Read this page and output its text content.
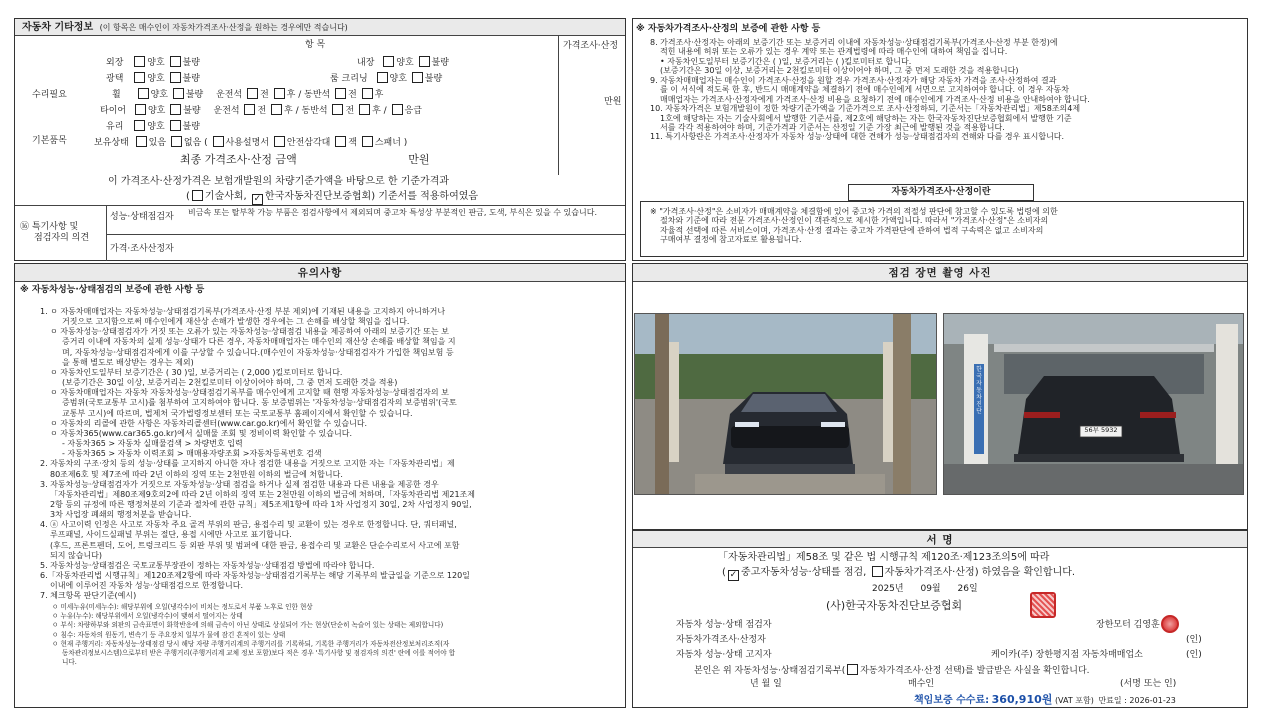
자동차 기타정보 (이 항목은 매수인이 자동차가격조사·산정을 원하는 경우에만 적습니다)
항 목	가격조사·산정
수리필요
만원
외장	양호 불량	내장 양호 불량
광택	양호 불량	룸 크리닝 양호 불량
휠	양호 불량 운전석 전 후 / 동반석 전 후
타이어 양호 불량 운전석 전 후 / 동반석 전 후 / 응급
유리	양호 불량
기본품목	보유상태 있음 없음 ( 사용설명서 안전삼각대 잭 스패너 )
최종 가격조사·산정 금액	만원
이 가격조사·산정가격은 보험개발원의 차량기준가액을 바탕으로 한 기준가격과
( 기술사회, ✓ 한국자동차진단보증협회) 기준서를 적용하여였음
⑯ 특기사항 및
점검자의 의견
성능·상태점검자 비금속 또는 탈부착 가능 부품은 점검사항에서 제외되며 중고차 특성상 부분적인 판금, 도색, 부식은 있을 수 있습니다.
가격·조사산정자
※ 자동차가격조사·산정의 보증에 관한 사항 등

8. 가격조사·산정자는 아래의 보증기간 또는 보증거리 이내에 자동차성능·상태점검기록부(가격조사·산정 부분 한정)에

적힌 내용에 허위 또는 오류가 있는 경우 계약 또는 관계법령에 따라 매수인에 대하여 책임을 집니다.

• 자동차인도일부터 보증기간은 ( )일, 보증거리는 ( )킬로미터로 합니다.

(보증기간은 30일 이상, 보증거리는 2천킬로미터 이상이어야 하며, 그 중 먼저 도래한 것을 적용합니다)

9. 자동차매매업자는 매수인이 가격조사·산정을 원할 경우 가격조사·산정자가 해당 자동차 가격을 조사·산정하여 결과

를 이 서식에 적도록 한 후, 반드시 매매계약을 체결하기 전에 매수인에게 서면으로 고지하여야 합니다. 이 경우 자동차

매매업자는 가격조사·산정자에게 가격조사·산정 비용을 요청하기 전에 매수인에게 가격조사·산정 비용을 안내하여야 합니다.

10. 자동차가격은 보험개발원이 정한 차량기준가액을 기준가격으로 조사·산정하되, 기준서는「자동차관리법」제58조의4제

1호에 해당하는 자는 기술사회에서 발행한 기준서를, 제2호에 해당하는 자는 한국자동차진단보증협회에서 발행한 기준

서를 각각 적용하여야 하며, 기준가격과 기준서는 산정일 기준 가장 최근에 발행된 것을 적용합니다.

11. 특기사항란은 가격조사·산정자가 자동차 성능·상태에 대한 견해가 성능·상태점검자의 견해와 다를 경우 표시합니다.

자동차가격조사·산정이란

※ "가격조사·산정"은 소비자가 매매계약을 체결함에 있어 중고차 가격의 적절성 판단에 참고할 수 있도록 법령에 의한

절차와 기준에 따라 전문 가격조사·산정인이 객관적으로 제시한 가액입니다. 따라서 "가격조사·산정"은 소비자의

자율적 선택에 따른 서비스이며, 가격조사·산정 결과는 중고차 가격판단에 관하여 법적 구속력은 없고 소비자의

구매여부 결정에 참고자료로 활용됩니다.

유의사항
※ 자동차성능·상태점검의 보증에 관한 사항 등

1. ㅇ 자동차매매업자는 자동차성능·상태점검기록부(가격조사·산정 부분 제외)에 기재된 내용을 고지하지 아니하거나

거짓으로 고지함으로써 매수인에게 재산상 손해가 발생한 경우에는 그 손해를 배상할 책임을 집니다.

ㅇ 자동차성능·상태점검자가 거짓 또는 오류가 있는 자동차성능·상태점검 내용을 제공하여 아래의 보증기간 또는 보

증거리 이내에 자동차의 실제 성능·상태가 다른 경우, 자동차매매업자는 매수인의 재산상 손해를 배상할 책임을 지

며, 자동차성능·상태점검자에게 이를 구상할 수 있습니다.(매수인이 자동차성능·상태점검자가 가입한 책임보험 등

을 통해 별도로 배상받는 경우는 제외)

ㅇ 자동차인도일부터 보증기간은 ( 30 )일, 보증거리는 ( 2,000 )킬로미터로 합니다.

(보증기간은 30일 이상, 보증거리는 2천킬로미터 이상이어야 하며, 그 중 먼저 도래한 것을 적용)

ㅇ 자동차매매업자는 자동차 자동차성능·상태점검기록부를 매수인에게 고지할 때 현행 자동차성능·상태점검자의 보

증범위(국토교통부 고시)를 첨부하여 고지하여야 합니다. 동 보증범위는 '자동차성능·상태점검자의 보증범위'(국토

교통부 고시)에 따르며, 법제처 국가법령정보센터 또는 국토교통부 홈페이지에서 확인할 수 있습니다.

ㅇ 자동차의 리콜에 관한 사항은 자동차리콜센터(www.car.go.kr)에서 확인할 수 있습니다.

ㅇ 자동차365(www.car365.go.kr)에서 실매물 조회 및 정비이력 확인할 수 있습니다.

- 자동차365 > 자동차 실매물검색 > 차량번호 입력

- 자동차365 > 자동차 이력조회 > 매매용자량조회 >자동차등록번호 검색

2. 자동차의 구조·장치 등의 성능·상태를 고지하지 아니한 자나 점검한 내용을 거짓으로 고지한 자는「자동차관리법」제

80조제6호 및 제7조에 따라 2년 이하의 징역 또는 2천만원 이하의 벌금에 처합니다.

3. 자동차성능·상태점검자가 거짓으로 자동차성능·상태 점검을 하거나 실제 점검한 내용과 다른 내용을 제공한 경우

「자동차관리법」제80조제9호의2에 따라 2년 이하의 징역 또는 2천만원 이하의 벌금에 처하며,「자동차관리법 제21조제

2항 등의 규정에 따른 행정처분의 기준과 절차에 관한 규칙」제5조제1항에 따라 1차 사업정지 30일, 2차 사업정지 90일,

3차 사업장 폐쇄의 행정처분을 받습니다.

4. ⓐ 사고이력 인정은 사고로 자동차 주요 골격 부위의 판금, 용접수리 및 교환이 있는 경우로 한정합니다. 단, 쿼터패널,

루프패널, 사이드실패널 부위는 절단, 용접 시에만 사고로 표기합니다.

(후드, 프론트펜더, 도어, 트렁크리드 등 외판 부위 및 범퍼에 대한 판금, 용접수리 및 교환은 단순수리로서 사고에 포함

되지 않습니다)

5. 자동차성능·상태점검은 국토교통부장관이 정하는 자동차성능·상태점검 방법에 따라야 합니다.

6.「자동차관리법 시행규칙」제120조제2항에 따라 자동차성능·상태점검기록부는 해당 기록부의 발급일을 기준으로 120일

이내에 이루어진 자동차 성능·상태점검으로 한정합니다.

7. 체크항목 판단기준(예시)

ㅇ 미세누유(미세누수): 해당부위에 오일(냉각수)이 비치는 정도로서 부품 노후로 인한 현상

ㅇ 누유(누수): 해당부위에서 오일(냉각수)이 맺혀서 떨어지는 상태

ㅇ 부식: 차량하부와 외판의 금속표면이 화학반응에 의해 금속이 아닌 상태로 상실되어 가는 현상(단순히 녹슬어 있는 상태는 제외합니다)

ㅇ 침수: 자동차의 원동기, 변속기 등 주요장치 일부가 물에 잠긴 흔적이 있는 상태

ㅇ 현재 주행거리: 자동차성능·상태점검 당시 해당 자량 주행거리계의 주행거리를 기록하되, 기록한 주행거리가 자동차전산정보처리조직(자

동차관리정보시스템)으로부터 받은 주행거리(주행거리계 교체 정보 포함)보다 적은 경우 '특기사항 및 점검자의 의견' 란에 이를 적어야 합

니다.

점검 장면 촬영 사진
56부 5932
한
국
자
동
차
진
단
서 명
「자동차관리법」제58조 및 같은 법 시행규칙 제120조·제123조의5에 따라
( ✓ 중고자동차성능·상태를 점검, 자동차가격조사·산정) 하였음을 확인합니다.
2025년 09월 26일
(사)한국자동차진단보증협회
자동차 성능·상태 점검자	장한모터 김영훈
자동차가격조사·산정자	(인)
자동차 성능·상태 고지자	케이카(주) 장한평지점 자동차매매업소	(인)
본인은 위 자동차성능·상태점검기록부( 자동차가격조사·산정 선택)를 발급받은 사실을 확인합니다.
년 월 일	매수인	(서명 또는 인)
책임보증 수수료: 360,910원 (VAT 포함) 만료일 : 2026-01-23
